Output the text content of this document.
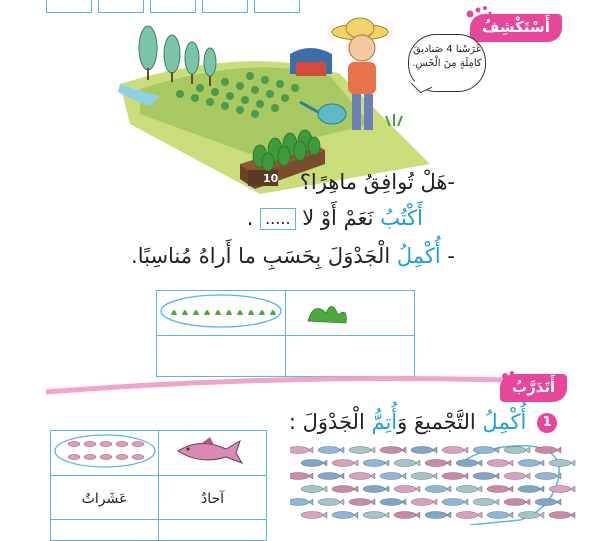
أَسْتَكْشِفُ
10
غَرَسْنا 4 صَناديقَ
كامِلَةٍ مِنَ الْخَسِ.
-هَلْ تُوافِقُ ماهِرًا؟
أَكْتُبُ نَعَمْ أَوْ لا ..... .
- أُكْمِلُ الْجَدْوَلَ بِحَسَبِ ما أَراهُ مُناسِبًا.

أَتَدَرَّبُ
1 أُكْمِلُ التَّجْميعَ وَأُتِمُّ الْجَدْوَلَ :

عَشَراتٌ	آحادٌ
